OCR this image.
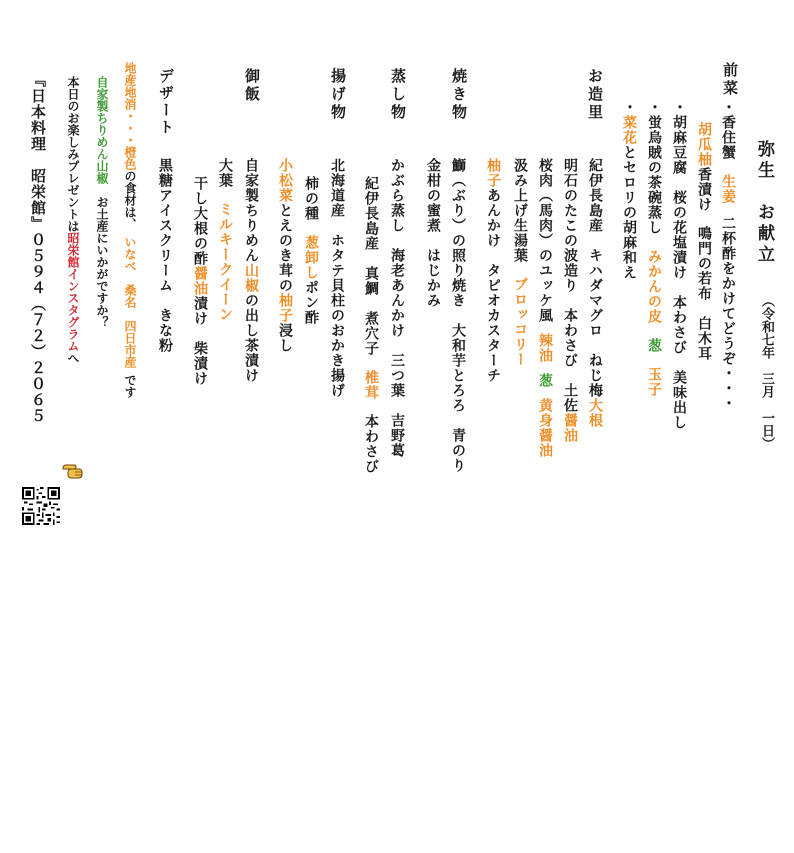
弥生　お献立
（令和七年　三月　一日）
前菜
・香住蟹生姜二杯酢をかけてどうぞ・・・
胡瓜柚香漬け鳴門の若布　白木耳
・胡麻豆腐　桜の花塩漬け　本わさび　美味出し
・蛍烏賊の茶碗蒸しみかんの皮葱玉子
・菜花とセロリの胡麻和え
お造里
紀伊長島産　キハダマグロ　ねじ梅大根
明石のたこの波造り　本わさび　土佐醤油
桜肉（馬肉）のユッケ風辣油葱黄身醤油
汲み上げ生湯葉ブロッコリー
柚子あんかけ　タピオカスターチ
焼き物
鰤（ぶり）の照り焼き　大和芋とろろ　青のり
金柑の蜜煮　はじかみ
蒸し物
かぶら蒸し　海老あんかけ　三つ葉　吉野葛
紀伊長島産　真鯛　煮穴子椎茸本わさび
揚げ物
北海道産　ホタテ貝柱のおかき揚げ
柿の種葱卸しポン酢
小松菜とえのき茸の柚子浸し
御飯
自家製ちりめん山椒の出し茶漬け
大葉ミルキークイーン
干し大根の酢醤油漬け　柴漬け
デザート
黒糖アイスクリーム　きな粉
地産地消・・・橙色の食材は、いなべ　桑名　四日市産です
自家製ちりめん山椒お土産にいかがですか？
本日のお楽しみプレゼントは昭栄館インスタグラムへ
『日本料理　昭栄館』０５９４（７２）２０６５
